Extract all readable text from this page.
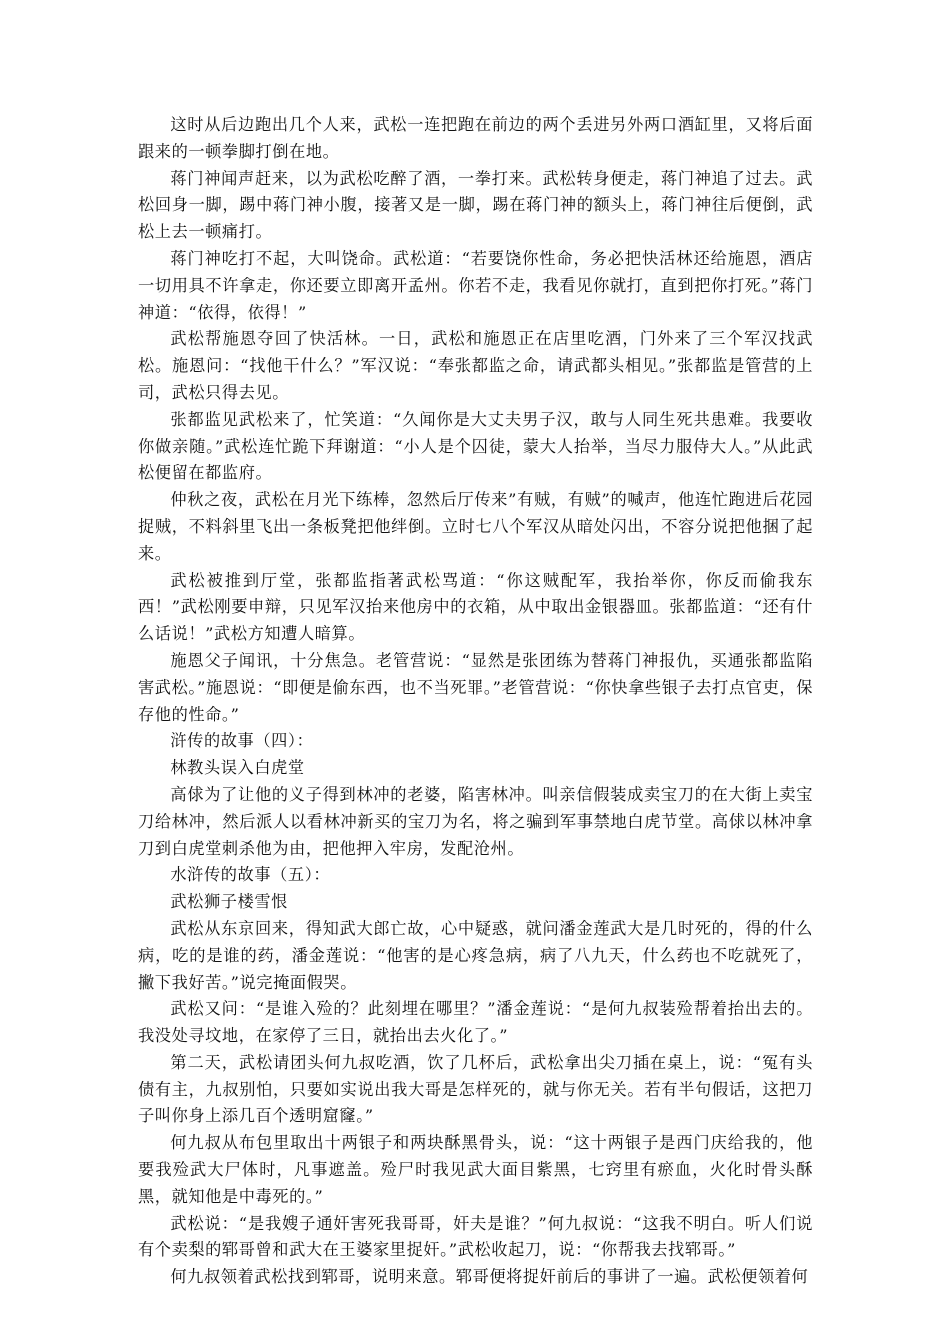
这时从后边跑出几个人来，武松一连把跑在前边的两个丢进另外两口酒缸里，又将后面跟来的一顿拳脚打倒在地。

蒋门神闻声赶来，以为武松吃醉了酒，一拳打来。武松转身便走，蒋门神追了过去。武松回身一脚，踢中蒋门神小腹，接著又是一脚，踢在蒋门神的额头上，蒋门神往后便倒，武松上去一顿痛打。

蒋门神吃打不起，大叫饶命。武松道：“若要饶你性命，务必把快活林还给施恩，酒店一切用具不许拿走，你还要立即离开孟州。你若不走，我看见你就打，直到把你打死。”蒋门神道：“依得，依得！”

武松帮施恩夺回了快活林。一日，武松和施恩正在店里吃酒，门外来了三个军汉找武松。施恩问：“找他干什么？”军汉说：“奉张都监之命，请武都头相见。”张都监是管营的上司，武松只得去见。

张都监见武松来了，忙笑道：“久闻你是大丈夫男子汉，敢与人同生死共患难。我要收你做亲随。”武松连忙跪下拜谢道：“小人是个囚徒，蒙大人抬举，当尽力服侍大人。”从此武松便留在都监府。

仲秋之夜，武松在月光下练棒，忽然后厅传来”有贼，有贼”的喊声，他连忙跑进后花园捉贼，不料斜里飞出一条板凳把他绊倒。立时七八个军汉从暗处闪出，不容分说把他捆了起来。

武松被推到厅堂，张都监指著武松骂道：“你这贼配军，我抬举你，你反而偷我东西！”武松刚要申辩，只见军汉抬来他房中的衣箱，从中取出金银器皿。张都监道：“还有什么话说！”武松方知遭人暗算。

施恩父子闻讯，十分焦急。老管营说：“显然是张团练为替蒋门神报仇，买通张都监陷害武松。”施恩说：“即便是偷东西，也不当死罪。”老管营说：“你快拿些银子去打点官吏，保存他的性命。”

浒传的故事（四）：

林教头误入白虎堂

高俅为了让他的义子得到林冲的老婆，陷害林冲。叫亲信假装成卖宝刀的在大街上卖宝刀给林冲，然后派人以看林冲新买的宝刀为名，将之骗到军事禁地白虎节堂。高俅以林冲拿刀到白虎堂刺杀他为由，把他押入牢房，发配沧州。

水浒传的故事（五）：

武松狮子楼雪恨

武松从东京回来，得知武大郎亡故，心中疑惑，就问潘金莲武大是几时死的，得的什么病，吃的是谁的药，潘金莲说：“他害的是心疼急病，病了八九天，什么药也不吃就死了，撇下我好苦。”说完掩面假哭。

武松又问：“是谁入殓的？此刻埋在哪里？”潘金莲说：“是何九叔装殓帮着抬出去的。我没处寻坟地，在家停了三日，就抬出去火化了。”

第二天，武松请团头何九叔吃酒，饮了几杯后，武松拿出尖刀插在桌上，说：“冤有头债有主，九叔别怕，只要如实说出我大哥是怎样死的，就与你无关。若有半句假话，这把刀子叫你身上添几百个透明窟窿。”

何九叔从布包里取出十两银子和两块酥黑骨头，说：“这十两银子是西门庆给我的，他要我殓武大尸体时，凡事遮盖。殓尸时我见武大面目紫黑，七窍里有瘀血，火化时骨头酥黑，就知他是中毒死的。”

武松说：“是我嫂子通奸害死我哥哥，奸夫是谁？”何九叔说：“这我不明白。听人们说有个卖梨的郓哥曾和武大在王婆家里捉奸。”武松收起刀，说：“你帮我去找郓哥。”

何九叔领着武松找到郓哥，说明来意。郓哥便将捉奸前后的事讲了一遍。武松便领着何
